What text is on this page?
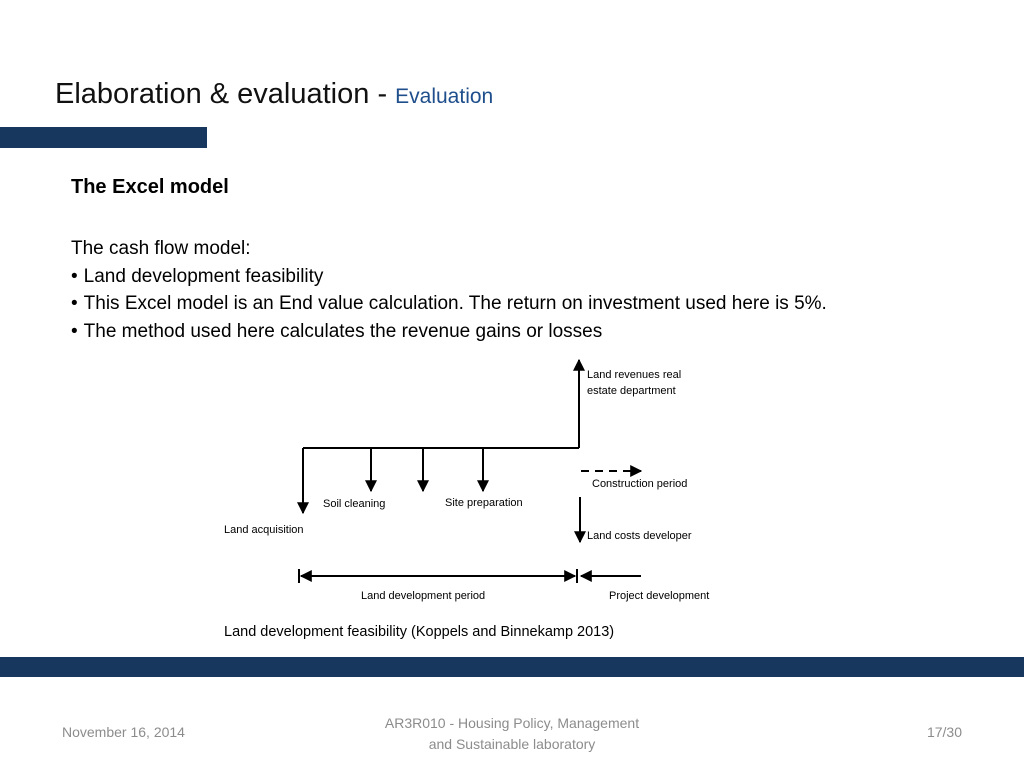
Elaboration & evaluation - Evaluation
The Excel model
The cash flow model:
• Land development feasibility
• This Excel model is an End value calculation. The return on investment used here is 5%.
• The method used here calculates the revenue gains or losses
Land revenues real estate department
Soil cleaning	Site preparation
Land acquisition
Construction period
Land costs developer
Land development period	Project development
Land development feasibility (Koppels and Binnekamp 2013)
November 16, 2014
AR3R010 - Housing Policy, Management
and Sustainable laboratory
17/30
